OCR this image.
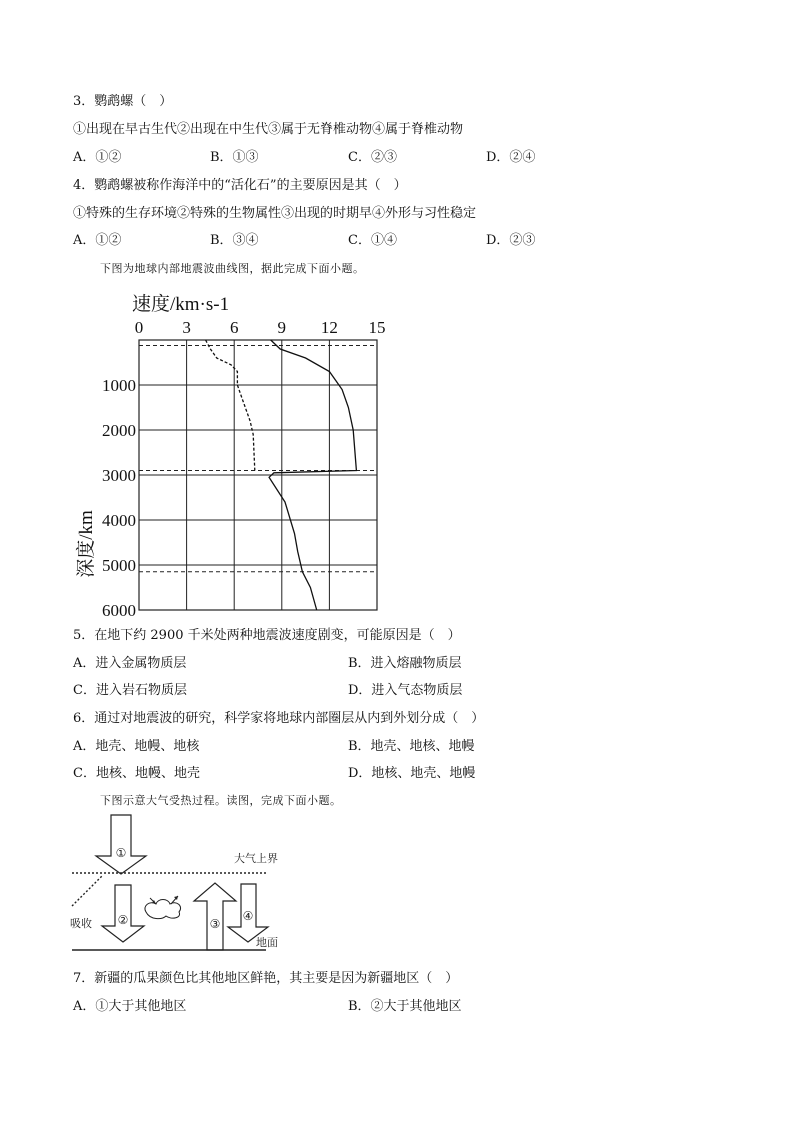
3．鹦鹉螺（　）
①出现在早古生代②出现在中生代③属于无脊椎动物④属于脊椎动物
A．①②	B．①③	C．②③	D．②④
4．鹦鹉螺被称作海洋中的“活化石”的主要原因是其（　）
①特殊的生存环境②特殊的生物属性③出现的时期早④外形与习性稳定
A．①②	B．③④	C．①④	D．②③
下图为地球内部地震波曲线图，据此完成下面小题。
速度/km·s-1
深度/km
0 3 6 9 12 15
1000
2000
3000
4000
5000
6000
5．在地下约 2900 千米处两种地震波速度剧变，可能原因是（　）
A．进入金属物质层	B．进入熔融物质层
C．进入岩石物质层	D．进入气态物质层
6．通过对地震波的研究，科学家将地球内部圈层从内到外划分成（　）
A．地壳、地幔、地核	B．地壳、地核、地幔
C．地核、地幔、地壳	D．地核、地壳、地幔
下图示意大气受热过程。读图，完成下面小题。
①	大气上界
吸收 ②	③
④
地面
7．新疆的瓜果颜色比其他地区鲜艳，其主要是因为新疆地区（　）
A．①大于其他地区	B．②大于其他地区
